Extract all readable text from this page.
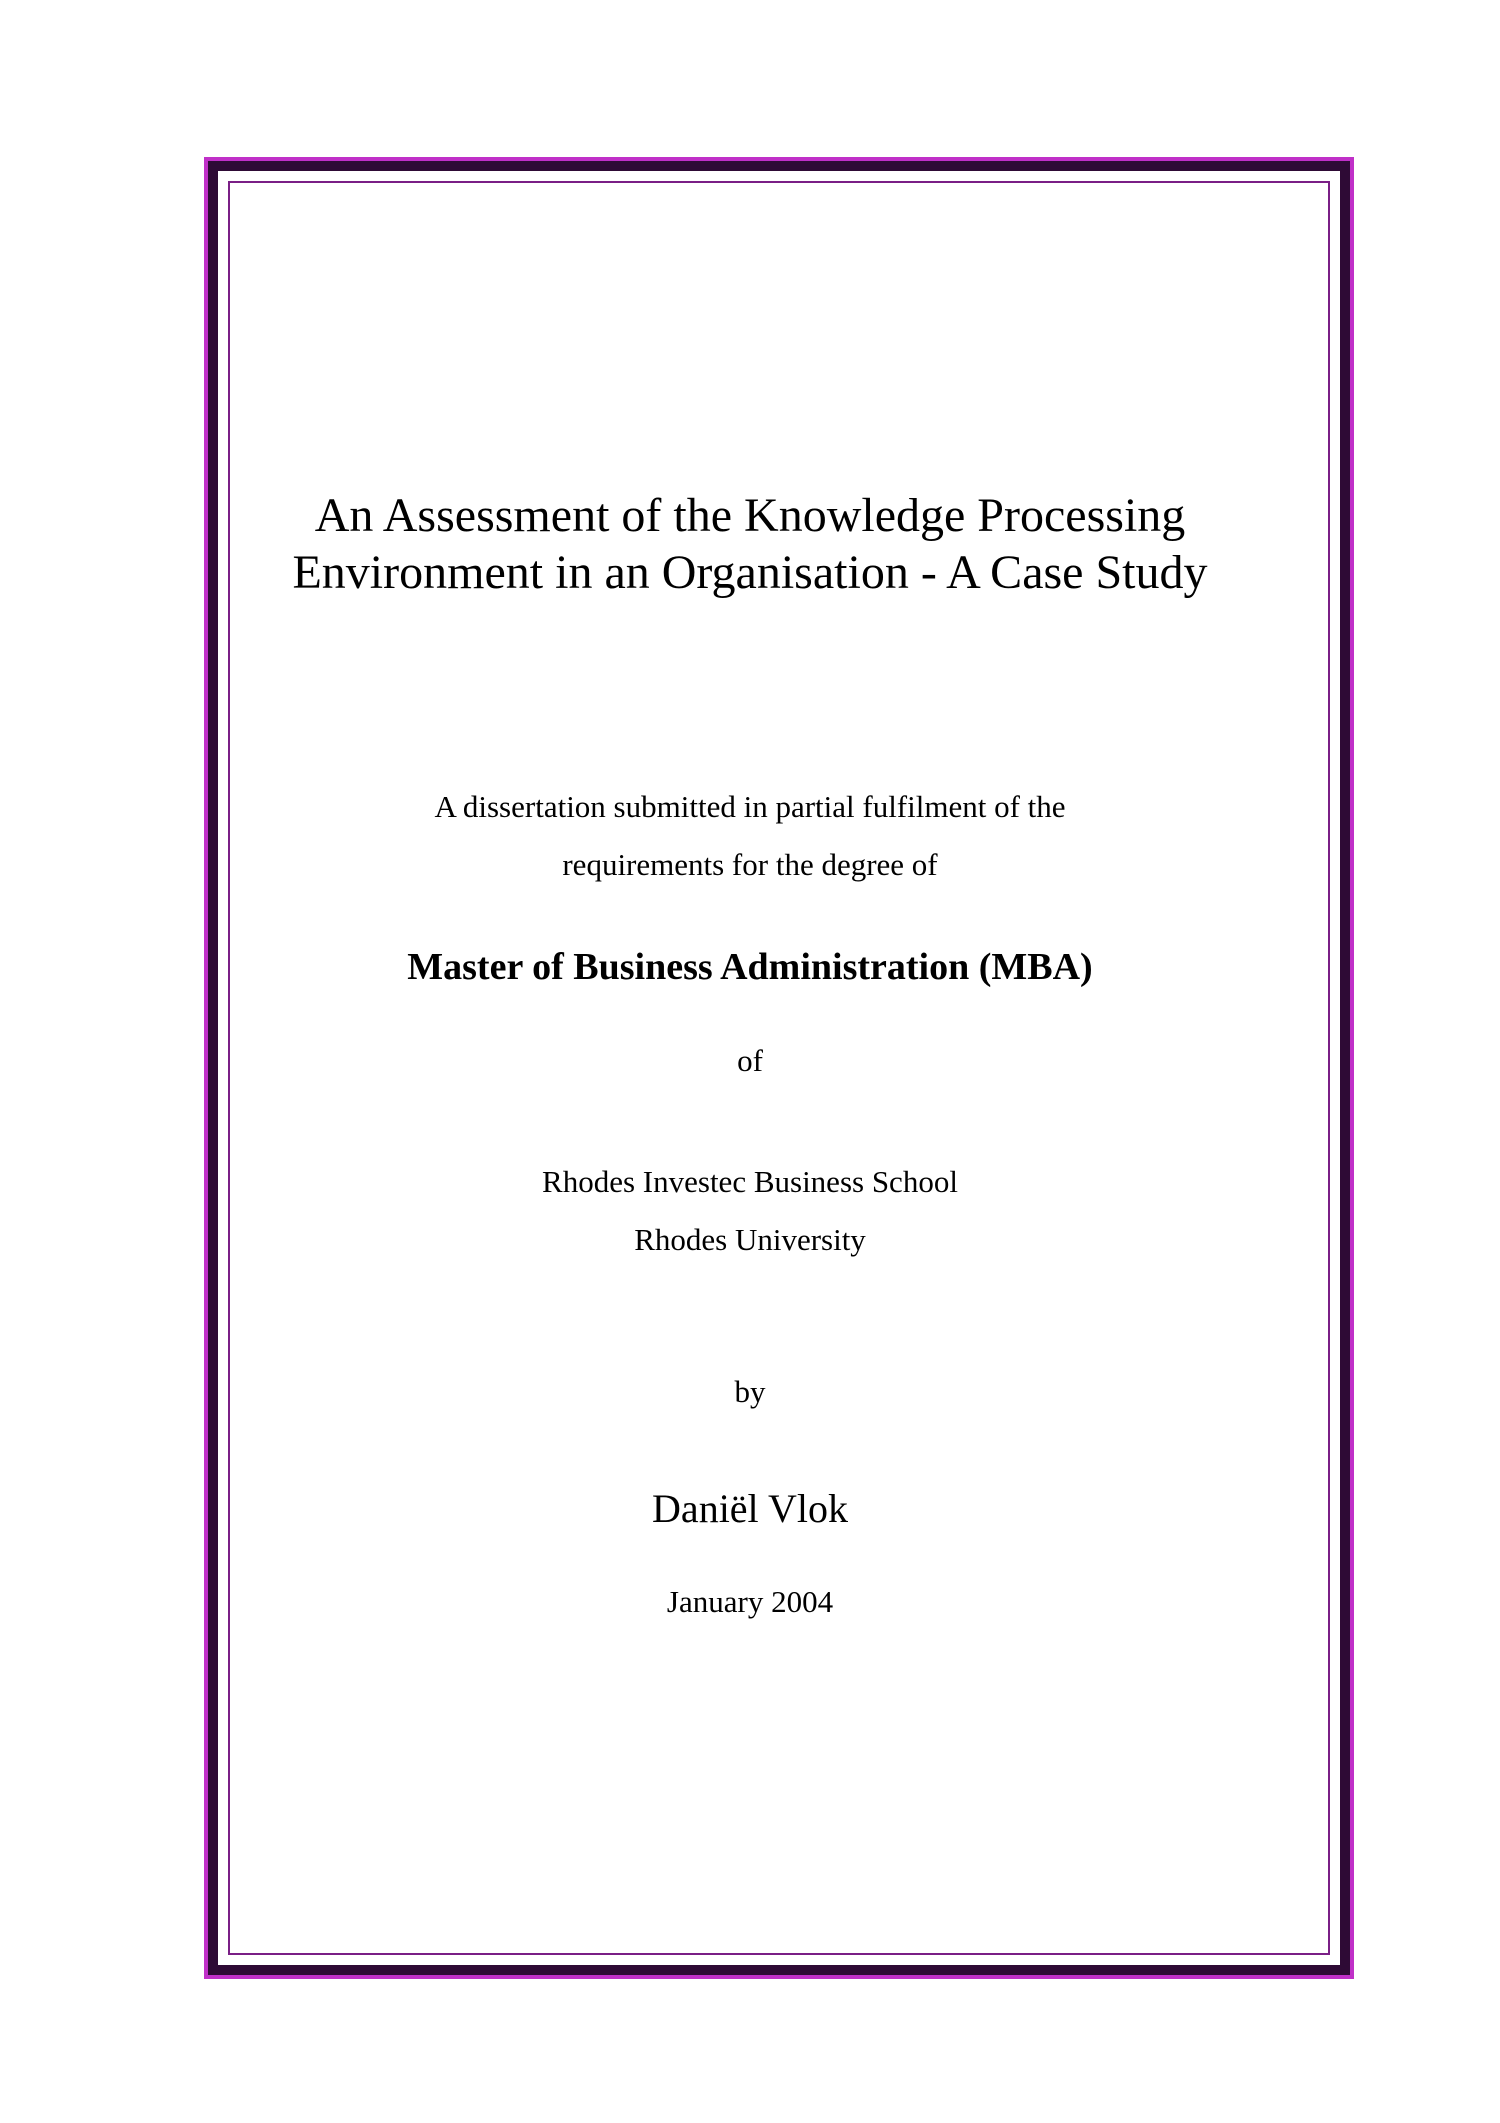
An Assessment of the Knowledge Processing
Environment in an Organisation - A Case Study
A dissertation submitted in partial fulfilment of the
requirements for the degree of
Master of Business Administration (MBA)
of
Rhodes Investec Business School
Rhodes University
by
Daniël Vlok
January 2004
